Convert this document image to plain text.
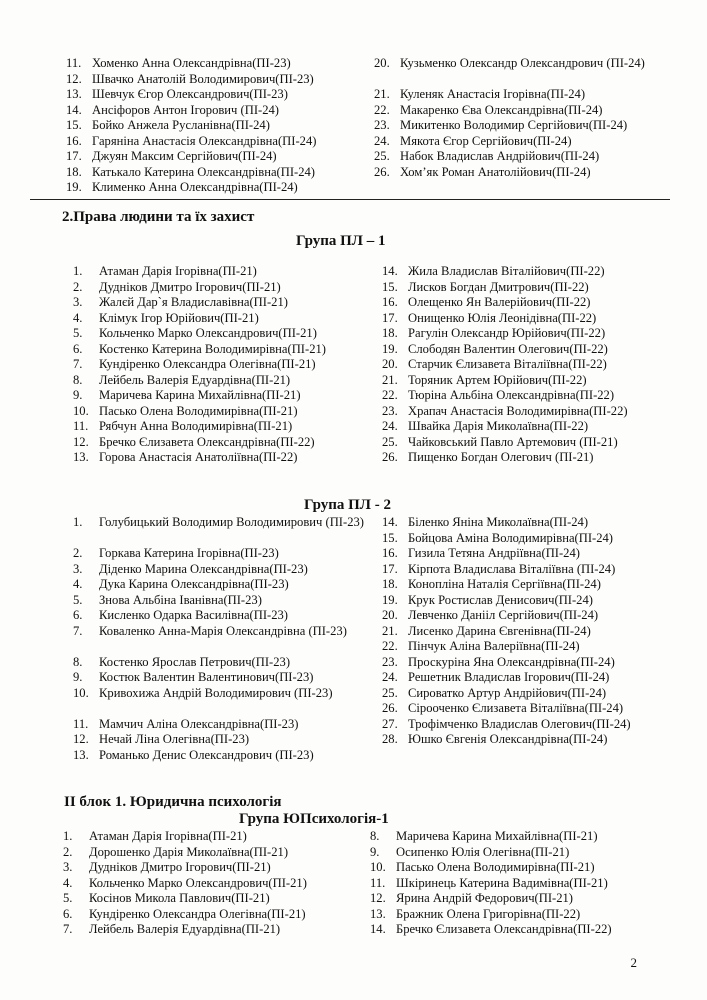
11. Хоменко Анна Олександрівна(ПІ-23)
12. Швачко Анатолій Володимирович(ПІ-23)
13. Шевчук Єгор Олександрович(ПІ-23)
14. Ансіфоров Антон Ігорович (ПІ-24)
15. Бойко Анжела Русланівна(ПІ-24)
16. Гаряніна Анастасія Олександрівна(ПІ-24)
17. Джуян Максим Сергійович(ПІ-24)
18. Катькало Катерина Олександрівна(ПІ-24)
19. Клименко Анна Олександрівна(ПІ-24)
20. Кузьменко Олександр Олександрович (ПІ-24)
21. Куленяк Анастасія Ігорівна(ПІ-24)
22. Макаренко Єва Олександрівна(ПІ-24)
23. Микитенко Володимир Сергійович(ПІ-24)
24. Мякота Єгор Сергійович(ПІ-24)
25. Набок Владислав Андрійович(ПІ-24)
26. Хом’як Роман Анатолійович(ПІ-24)
2.Права людини та їх захист
Група ПЛ – 1
1. Атаман Дарія Ігорівна(ПІ-21)
2. Дудніков Дмитро Ігорович(ПІ-21)
3. Жалєй Дар`я Владиславівна(ПІ-21)
4. Клімук Ігор Юрійович(ПІ-21)
5. Кольченко Марко Олександрович(ПІ-21)
6. Костенко Катерина Володимирівна(ПІ-21)
7. Кундіренко Олександра Олегівна(ПІ-21)
8. Лейбель Валерія Едуардівна(ПІ-21)
9. Маричева Карина Михайлівна(ПІ-21)
10. Пасько Олена Володимирівна(ПІ-21)
11. Рябчун Анна Володимирівна(ПІ-21)
12. Бречко Єлизавета Олександрівна(ПІ-22)
13. Горова Анастасія Анатоліївна(ПІ-22)
14. Жила Владислав Віталійович(ПІ-22)
15. Лисков Богдан Дмитрович(ПІ-22)
16. Олещенко Ян Валерійович(ПІ-22)
17. Онищенко Юлія Леонідівна(ПІ-22)
18. Рагулін Олександр Юрійович(ПІ-22)
19. Слободян Валентин Олегович(ПІ-22)
20. Старчик Єлизавета Віталіївна(ПІ-22)
21. Торяник Артем Юрійович(ПІ-22)
22. Тюріна Альбіна Олександрівна(ПІ-22)
23. Храпач Анастасія Володимирівна(ПІ-22)
24. Швайка Дарія Миколаївна(ПІ-22)
25. Чайковський Павло Артемович (ПІ-21)
26. Пищенко Богдан Олегович (ПІ-21)
Група ПЛ - 2
1. Голубицький Володимир Володимирович (ПІ-23)
2. Горкава Катерина Ігорівна(ПІ-23)
3. Діденко Марина Олександрівна(ПІ-23)
4. Дука Карина Олександрівна(ПІ-23)
5. Знова Альбіна Іванівна(ПІ-23)
6. Кисленко Одарка Василівна(ПІ-23)
7. Коваленко Анна-Марія Олександрівна (ПІ-23)
8. Костенко Ярослав Петрович(ПІ-23)
9. Костюк Валентин Валентинович(ПІ-23)
10. Кривохижа Андрій Володимирович (ПІ-23)
11. Мамчич Аліна Олександрівна(ПІ-23)
12. Нечай Ліна Олегівна(ПІ-23)
13. Романько Денис Олександрович (ПІ-23)
14. Біленко Яніна Миколаївна(ПІ-24)
15. Бойцова Аміна Володимирівна(ПІ-24)
16. Гизила Тетяна Андріївна(ПІ-24)
17. Кірпота Владислава Віталіївна (ПІ-24)
18. Конопліна Наталія Сергіївна(ПІ-24)
19. Крук Ростислав Денисович(ПІ-24)
20. Левченко Данііл Сергійович(ПІ-24)
21. Лисенко Дарина Євгенівна(ПІ-24)
22. Пінчук Аліна Валеріївна(ПІ-24)
23. Проскуріна Яна Олександрівна(ПІ-24)
24. Решетник Владислав Ігорович(ПІ-24)
25. Сироватко Артур Андрійович(ПІ-24)
26. Сірооченко Єлизавета Віталіївна(ПІ-24)
27. Трофімченко Владислав Олегович(ПІ-24)
28. Юшко Євгенія Олександрівна(ПІ-24)
ІІ блок 1. Юридична психологія
Група ЮПсихологія-1
1. Атаман Дарія Ігорівна(ПІ-21)
2. Дорошенко Дарія Миколаївна(ПІ-21)
3. Дудніков Дмитро Ігорович(ПІ-21)
4. Кольченко Марко Олександрович(ПІ-21)
5. Косінов Микола Павлович(ПІ-21)
6. Кундіренко Олександра Олегівна(ПІ-21)
7. Лейбель Валерія Едуардівна(ПІ-21)
8. Маричева Карина Михайлівна(ПІ-21)
9. Осипенко Юлія Олегівна(ПІ-21)
10. Пасько Олена Володимирівна(ПІ-21)
11. Шкіринець Катерина Вадимівна(ПІ-21)
12. Ярина Андрій Федорович(ПІ-21)
13. Бражник Олена Григорівна(ПІ-22)
14. Бречко Єлизавета Олександрівна(ПІ-22)
2
